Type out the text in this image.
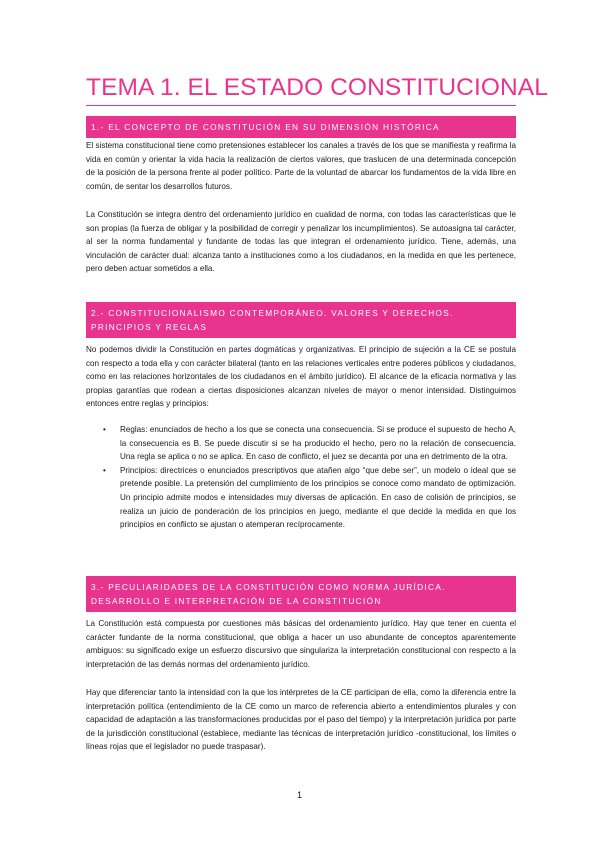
TEMA 1. EL ESTADO CONSTITUCIONAL
1.- EL CONCEPTO DE CONSTITUCIÓN EN SU DIMENSIÓN HISTÓRICA
El sistema constitucional tiene como pretensiones establecer los canales a través de los que se manifiesta y reafirma la vida en común y orientar la vida hacia la realización de ciertos valores, que traslucen de una determinada concepción de la posición de la persona frente al poder político. Parte de la voluntad de abarcar los fundamentos de la vida libre en común, de sentar los desarrollos futuros.
La Constitución se integra dentro del ordenamiento jurídico en cualidad de norma, con todas las características que le son propias (la fuerza de obligar y la posibilidad de corregir y penalizar los incumplimientos). Se autoasigna tal carácter, al ser la norma fundamental y fundante de todas las que integran el ordenamiento jurídico. Tiene, además, una vinculación de carácter dual: alcanza tanto a instituciones como a los ciudadanos, en la medida en que les pertenece, pero deben actuar sometidos a ella.
2.- CONSTITUCIONALISMO CONTEMPORÁNEO. VALORES Y DERECHOS. PRINCIPIOS Y REGLAS
No podemos dividir la Constitución en partes dogmáticas y organizativas. El principio de sujeción a la CE se postula con respecto a toda ella y con carácter bilateral (tanto en las relaciones verticales entre poderes públicos y ciudadanos, como en las relaciones horizontales de los ciudadanos en el ámbito jurídico). El alcance de la eficacia normativa y las propias garantías que rodean a ciertas disposiciones alcanzan niveles de mayor o menor intensidad. Distinguimos entonces entre reglas y principios:
• Reglas: enunciados de hecho a los que se conecta una consecuencia. Si se produce el supuesto de hecho A, la consecuencia es B. Se puede discutir si se ha producido el hecho, pero no la relación de consecuencia. Una regla se aplica o no se aplica. En caso de conflicto, el juez se decanta por una en detrimento de la otra.
• Principios: directrices o enunciados prescriptivos que atañen algo “que debe ser”, un modelo o ideal que se pretende posible. La pretensión del cumplimiento de los principios se conoce como mandato de optimización. Un principio admite modos e intensidades muy diversas de aplicación. En caso de colisión de principios, se realiza un juicio de ponderación de los principios en juego, mediante el que decide la medida en que los principios en conflicto se ajustan o atemperan recíprocamente.
3.- PECULIARIDADES DE LA CONSTITUCIÓN COMO NORMA JURÍDICA. DESARROLLO E INTERPRETACIÓN DE LA CONSTITUCIÓN
La Constitución está compuesta por cuestiones más básicas del ordenamiento jurídico. Hay que tener en cuenta el carácter fundante de la norma constitucional, que obliga a hacer un uso abundante de conceptos aparentemente ambiguos: su significado exige un esfuerzo discursivo que singulariza la interpretación constitucional con respecto a la interpretación de las demás normas del ordenamiento jurídico.
Hay que diferenciar tanto la intensidad con la que los intérpretes de la CE participan de ella, como la diferencia entre la interpretación política (entendimiento de la CE como un marco de referencia abierto a entendimientos plurales y con capacidad de adaptación a las transformaciones producidas por el paso del tiempo) y la interpretación jurídica por parte de la jurisdicción constitucional (establece, mediante las técnicas de interpretación jurídico -constitucional, los límites o líneas rojas que el legislador no puede traspasar).
1
